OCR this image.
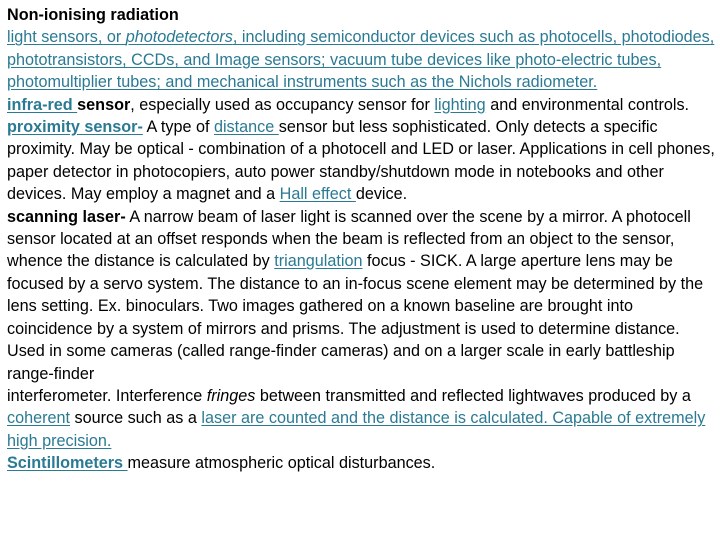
Non-ionising radiation

light sensors, or photodetectors, including semiconductor devices such as photocells, photodiodes, phototransistors, CCDs, and Image sensors; vacuum tube devices like photo-electric tubes, photomultiplier tubes; and mechanical instruments such as the Nichols radiometer.

infra-red sensor, especially used as occupancy sensor for lighting and environmental controls.

proximity sensor- A type of distance sensor but less sophisticated. Only detects a specific proximity. May be optical - combination of a photocell and LED or laser. Applications in cell phones, paper detector in photocopiers, auto power standby/shutdown mode in notebooks and other devices. May employ a magnet and a Hall effect device.

scanning laser- A narrow beam of laser light is scanned over the scene by a mirror. A photocell sensor located at an offset responds when the beam is reflected from an object to the sensor, whence the distance is calculated by triangulation focus - SICK. A large aperture lens may be focused by a servo system. The distance to an in-focus scene element may be determined by the lens setting. Ex. binoculars. Two images gathered on a known baseline are brought into coincidence by a system of mirrors and prisms. The adjustment is used to determine distance. Used in some cameras (called range-finder cameras) and on a larger scale in early battleship range-finder

interferometer. Interference fringes between transmitted and reflected lightwaves produced by a coherent source such as a laser are counted and the distance is calculated. Capable of extremely high precision.

Scintillometers measure atmospheric optical disturbances.
